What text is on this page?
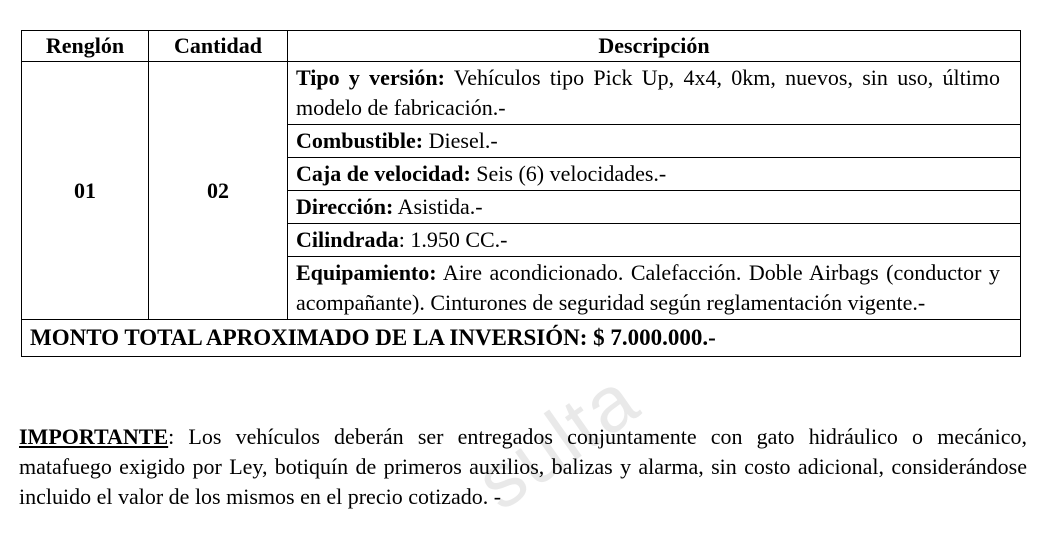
sulta
Renglón	Cantidad	Descripción
01	02	Tipo y versión: Vehículos tipo Pick Up, 4x4, 0km, nuevos, sin uso, último modelo de fabricación.-
		Combustible: Diesel.-
		Caja de velocidad: Seis (6) velocidades.-
		Dirección: Asistida.-
		Cilindrada: 1.950 CC.-
		Equipamiento: Aire acondicionado. Calefacción. Doble Airbags (conductor y acompañante). Cinturones de seguridad según reglamentación vigente.-
MONTO TOTAL APROXIMADO DE LA INVERSIÓN: $ 7.000.000.-		
IMPORTANTE: Los vehículos deberán ser entregados conjuntamente con gato hidráulico o mecánico, matafuego exigido por Ley, botiquín de primeros auxilios, balizas y alarma, sin costo adicional, considerándose incluido el valor de los mismos en el precio cotizado. -
